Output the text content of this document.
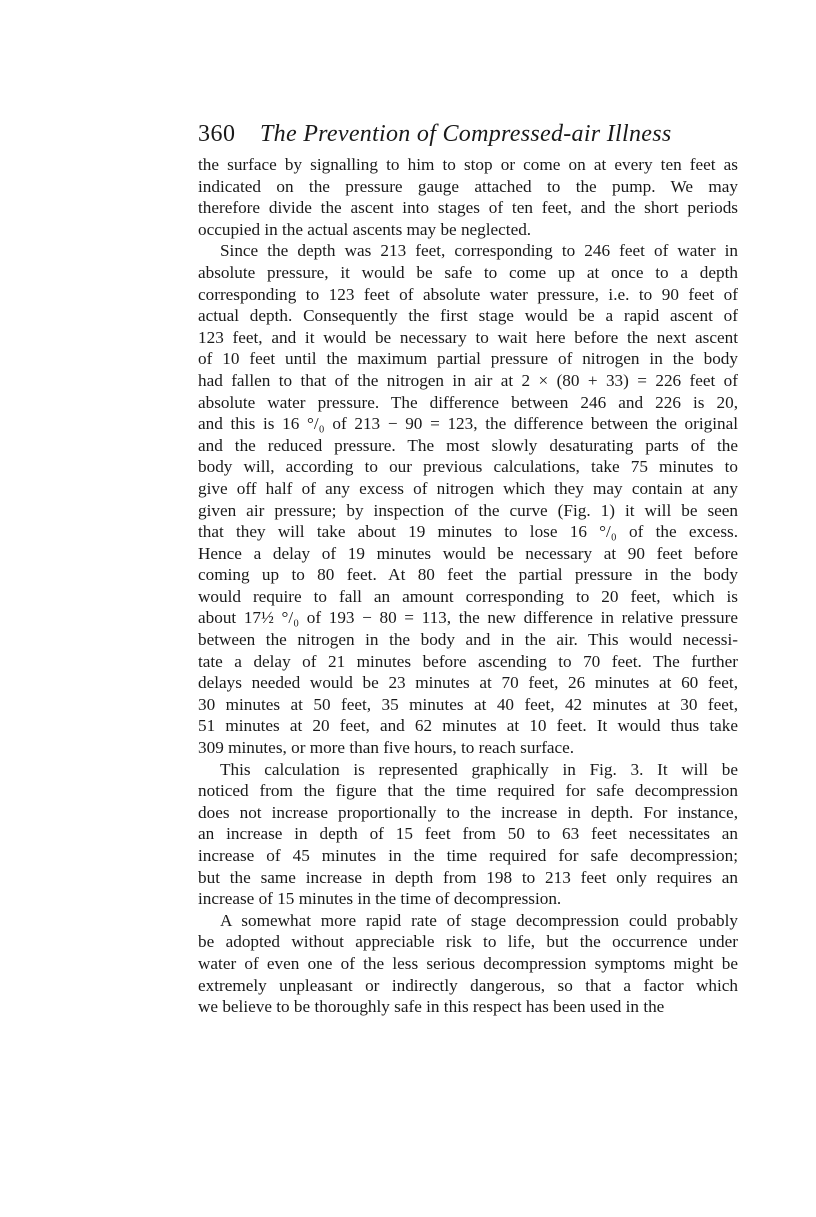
360	The Prevention of Compressed-air Illness
the surface by signalling to him to stop or come on at every ten feet as
indicated on the pressure gauge attached to the pump. We may
therefore divide the ascent into stages of ten feet, and the short periods
occupied in the actual ascents may be neglected.
Since the depth was 213 feet, corresponding to 246 feet of water in
absolute pressure, it would be safe to come up at once to a depth
corresponding to 123 feet of absolute water pressure, i.e. to 90 feet of
actual depth. Consequently the first stage would be a rapid ascent of
123 feet, and it would be necessary to wait here before the next ascent
of 10 feet until the maximum partial pressure of nitrogen in the body
had fallen to that of the nitrogen in air at 2 × (80 + 33) = 226 feet of
absolute water pressure. The difference between 246 and 226 is 20,
and this is 16 °/₀ of 213 − 90 = 123, the difference between the original
and the reduced pressure. The most slowly desaturating parts of the
body will, according to our previous calculations, take 75 minutes to
give off half of any excess of nitrogen which they may contain at any
given air pressure; by inspection of the curve (Fig. 1) it will be seen
that they will take about 19 minutes to lose 16 °/₀ of the excess.
Hence a delay of 19 minutes would be necessary at 90 feet before
coming up to 80 feet. At 80 feet the partial pressure in the body
would require to fall an amount corresponding to 20 feet, which is
about 17½ °/₀ of 193 − 80 = 113, the new difference in relative pressure
between the nitrogen in the body and in the air. This would necessi-
tate a delay of 21 minutes before ascending to 70 feet. The further
delays needed would be 23 minutes at 70 feet, 26 minutes at 60 feet,
30 minutes at 50 feet, 35 minutes at 40 feet, 42 minutes at 30 feet,
51 minutes at 20 feet, and 62 minutes at 10 feet. It would thus take
309 minutes, or more than five hours, to reach surface.
This calculation is represented graphically in Fig. 3. It will be
noticed from the figure that the time required for safe decompression
does not increase proportionally to the increase in depth. For instance,
an increase in depth of 15 feet from 50 to 63 feet necessitates an
increase of 45 minutes in the time required for safe decompression;
but the same increase in depth from 198 to 213 feet only requires an
increase of 15 minutes in the time of decompression.
A somewhat more rapid rate of stage decompression could probably
be adopted without appreciable risk to life, but the occurrence under
water of even one of the less serious decompression symptoms might be
extremely unpleasant or indirectly dangerous, so that a factor which
we believe to be thoroughly safe in this respect has been used in the
